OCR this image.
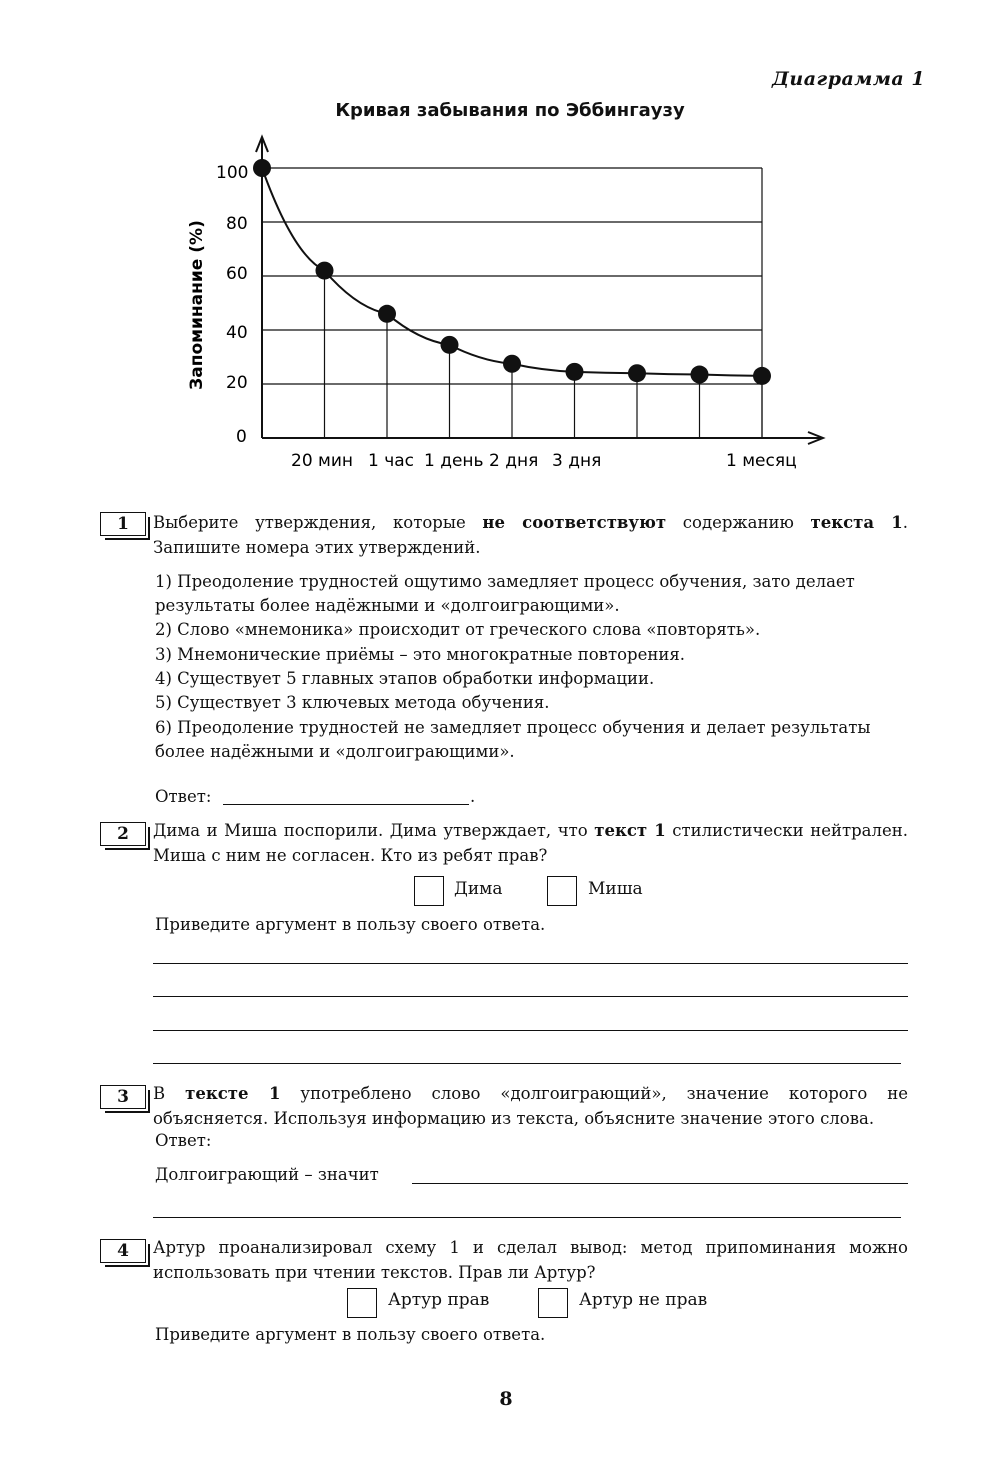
Диаграмма 1
Кривая забывания по Эббингаузу
0
20
40
60
80
100
20 мин 1 час 1 день 2 дня 3 дня	1 месяц
Запоминание (%)
1	Выберите утверждения, которые не соответствуют содержанию текста 1. Запишите номера этих утверждений.
1) Преодоление трудностей ощутимо замедляет процесс обучения, зато делает результаты более надёжными и «долгоиграющими».
2) Слово «мнемоника» происходит от греческого слова «повторять».
3) Мнемонические приёмы – это многократные повторения.
4) Существует 5 главных этапов обработки информации.
5) Существует 3 ключевых метода обучения.
6) Преодоление трудностей не замедляет процесс обучения и делает результаты более надёжными и «долгоиграющими».
Ответ:	.
2	Дима и Миша поспорили. Дима утверждает, что текст 1 стилистически нейтрален. Миша с ним не согласен. Кто из ребят прав?
Дима	Миша
Приведите аргумент в пользу своего ответа.
3	В тексте 1 употреблено слово «долгоиграющий», значение которого не объясняется. Используя информацию из текста, объясните значение этого слова.
Ответ:
Долгоиграющий – значит
4	Артур проанализировал схему 1 и сделал вывод: метод припоминания можно использовать при чтении текстов. Прав ли Артур?
Артур прав	Артур не прав
Приведите аргумент в пользу своего ответа.
8
